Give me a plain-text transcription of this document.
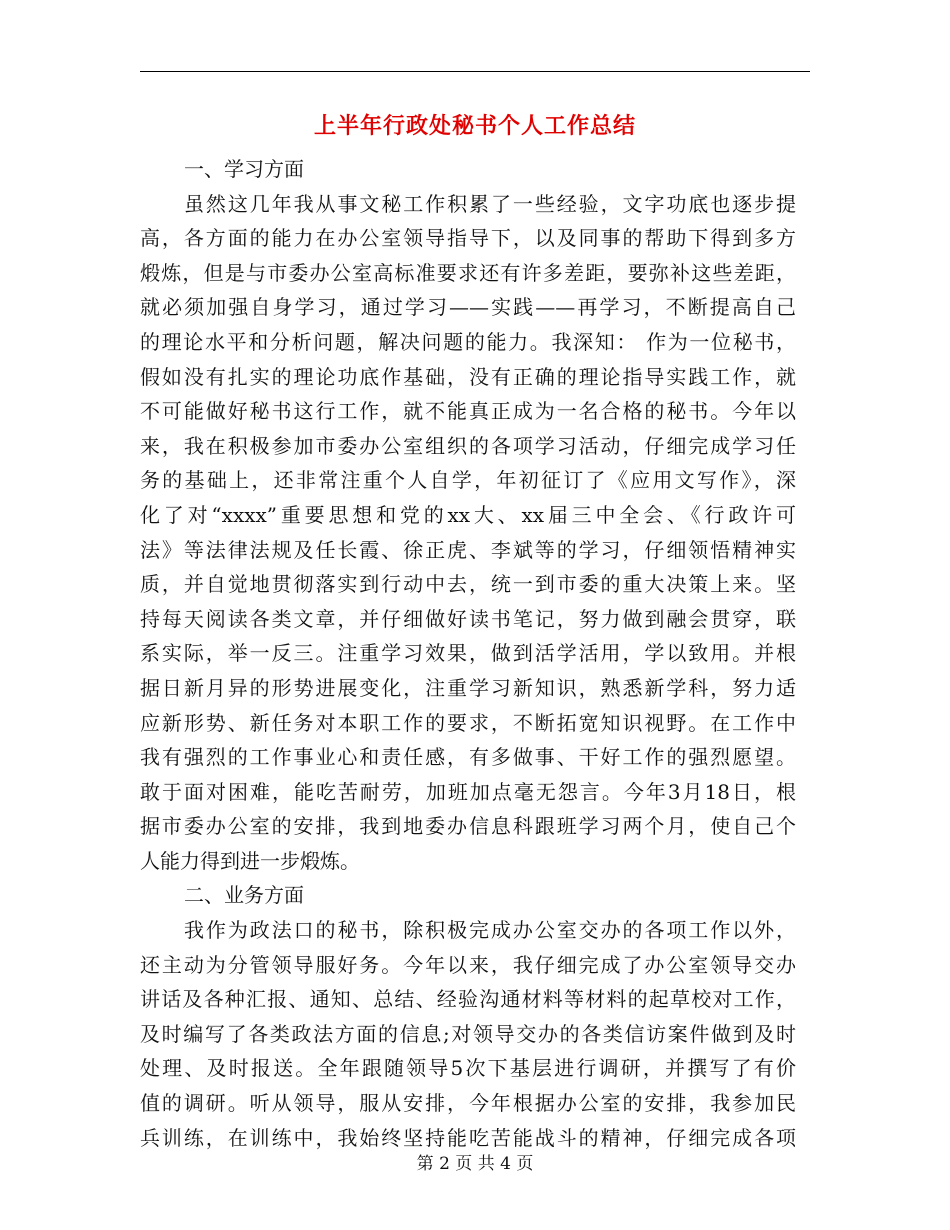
上半年行政处秘书个人工作总结
一、学习方面
虽然这几年我从事文秘工作积累了一些经验，文字功底也逐步提
高，各方面的能力在办公室领导指导下，以及同事的帮助下得到多方
煅炼，但是与市委办公室高标准要求还有许多差距，要弥补这些差距，
就必须加强自身学习，通过学习——实践——再学习，不断提高自己
的理论水平和分析问题，解决问题的能力。我深知： 作为一位秘书，
假如没有扎实的理论功底作基础，没有正确的理论指导实践工作，就
不可能做好秘书这行工作，就不能真正成为一名合格的秘书。今年以
来，我在积极参加市委办公室组织的各项学习活动，仔细完成学习任
务的基础上，还非常注重个人自学，年初征订了《应用文写作》，深
化了对“xxxx”重要思想和党的xx大、xx届三中全会、《行政许可
法》等法律法规及任长霞、徐正虎、李斌等的学习，仔细领悟精神实
质，并自觉地贯彻落实到行动中去，统一到市委的重大决策上来。坚
持每天阅读各类文章，并仔细做好读书笔记，努力做到融会贯穿，联
系实际，举一反三。注重学习效果，做到活学活用，学以致用。并根
据日新月异的形势进展变化，注重学习新知识，熟悉新学科，努力适
应新形势、新任务对本职工作的要求，不断拓宽知识视野。在工作中
我有强烈的工作事业心和责任感，有多做事、干好工作的强烈愿望。
敢于面对困难，能吃苦耐劳，加班加点毫无怨言。今年3月18日，根
据市委办公室的安排，我到地委办信息科跟班学习两个月，使自己个
人能力得到进一步煅炼。
二、业务方面
我作为政法口的秘书，除积极完成办公室交办的各项工作以外，
还主动为分管领导服好务。今年以来，我仔细完成了办公室领导交办
讲话及各种汇报、通知、总结、经验沟通材料等材料的起草校对工作，
及时编写了各类政法方面的信息;对领导交办的各类信访案件做到及时
处理、及时报送。全年跟随领导5次下基层进行调研，并撰写了有价
值的调研。听从领导，服从安排，今年根据办公室的安排，我参加民
兵训练，在训练中，我始终坚持能吃苦能战斗的精神，仔细完成各项
第 2 页 共 4 页
